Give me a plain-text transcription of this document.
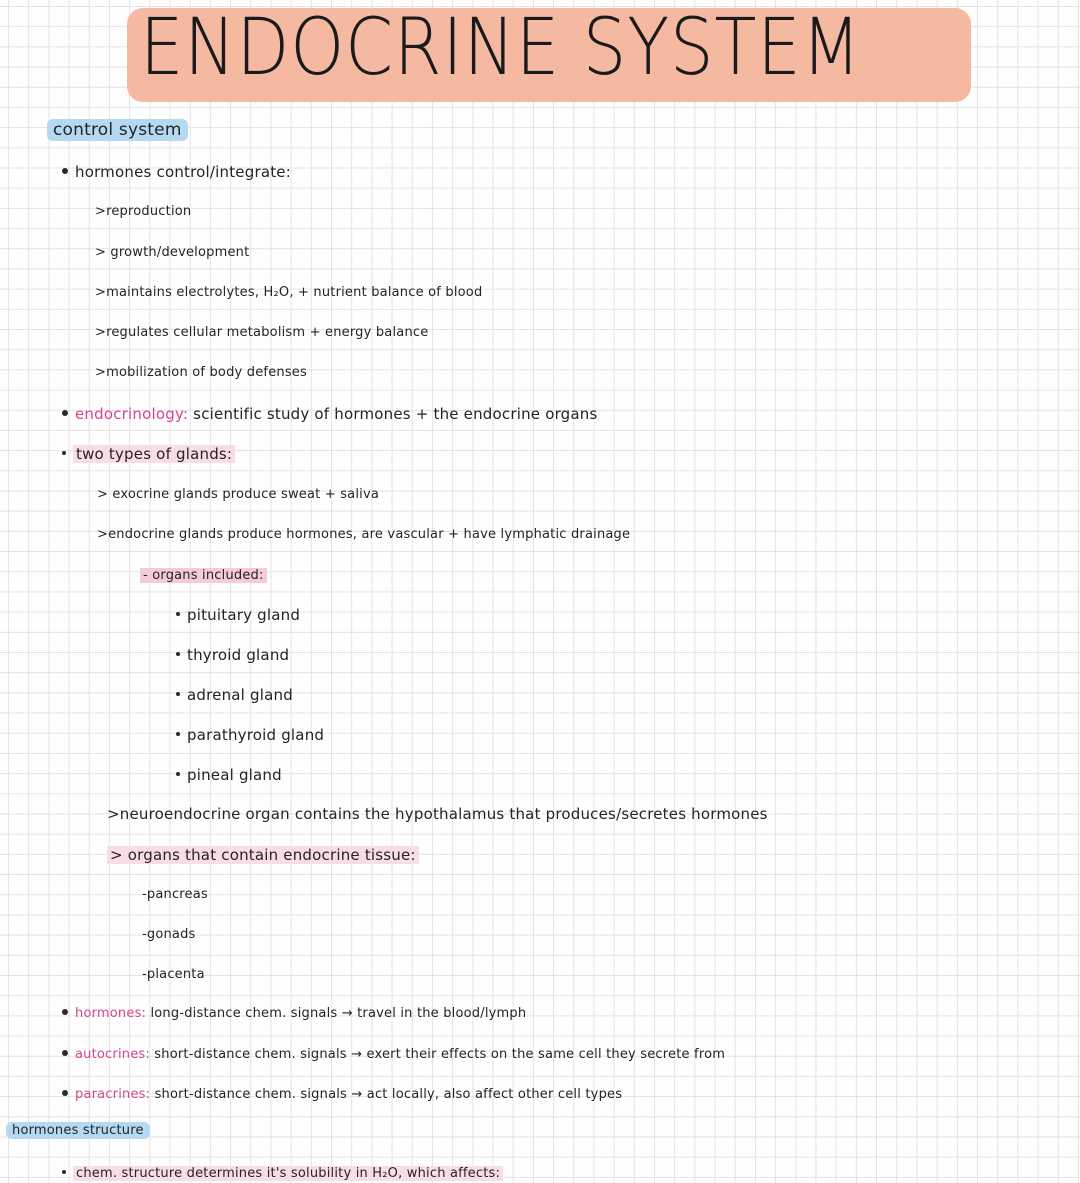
ENDOCRINE SYSTEM
control system
hormones control/integrate:
>reproduction
> growth/development
>maintains electrolytes, H₂O, + nutrient balance of blood
>regulates cellular metabolism + energy balance
>mobilization of body defenses
endocrinology: scientific study of hormones + the endocrine organs
two types of glands:
> exocrine glands produce sweat + saliva
>endocrine glands produce hormones, are vascular + have lymphatic drainage
- organs included:
pituitary gland
thyroid gland
adrenal gland
parathyroid gland
pineal gland
>neuroendocrine organ contains the hypothalamus that produces/secretes hormones
> organs that contain endocrine tissue:
-pancreas
-gonads
-placenta
hormones: long-distance chem. signals → travel in the blood/lymph
autocrines: short-distance chem. signals → exert their effects on the same cell they secrete from
paracrines: short-distance chem. signals → act locally, also affect other cell types
hormones structure
chem. structure determines it's solubility in H₂O, which affects:
